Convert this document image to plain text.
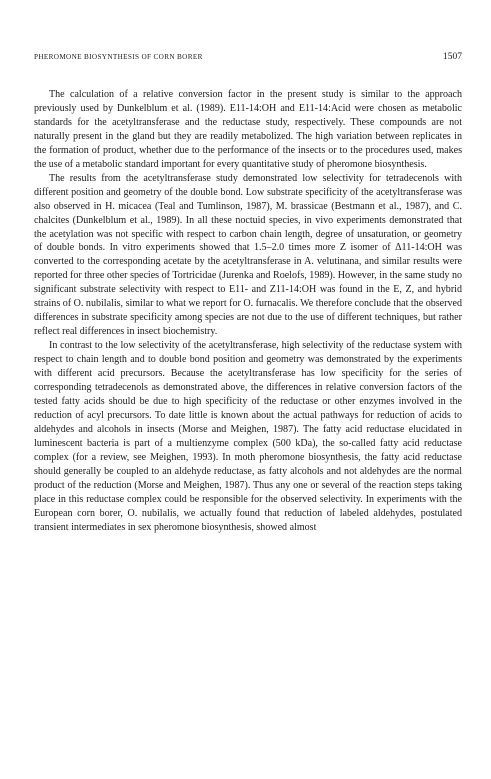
PHEROMONE BIOSYNTHESIS OF CORN BORER	1507

The calculation of a relative conversion factor in the present study is similar to the approach previously used by Dunkelblum et al. (1989). E11-14:OH and E11-14:Acid were chosen as metabolic standards for the acetyltransferase and the reductase study, respectively. These compounds are not naturally present in the gland but they are readily metabolized. The high variation between replicates in the formation of product, whether due to the performance of the insects or to the procedures used, makes the use of a metabolic standard important for every quantitative study of pheromone biosynthesis.

The results from the acetyltransferase study demonstrated low selectivity for tetradecenols with different position and geometry of the double bond. Low substrate specificity of the acetyltransferase was also observed in H. micacea (Teal and Tumlinson, 1987), M. brassicae (Bestmann et al., 1987), and C. chalcites (Dunkelblum et al., 1989). In all these noctuid species, in vivo experiments demonstrated that the acetylation was not specific with respect to carbon chain length, degree of unsaturation, or geometry of double bonds. In vitro experiments showed that 1.5–2.0 times more Z isomer of Δ11-14:OH was converted to the corresponding acetate by the acetyltransferase in A. velutinana, and similar results were reported for three other species of Tortricidae (Jurenka and Roelofs, 1989). However, in the same study no significant substrate selectivity with respect to E11- and Z11-14:OH was found in the E, Z, and hybrid strains of O. nubilalis, similar to what we report for O. furnacalis. We therefore conclude that the observed differences in substrate specificity among species are not due to the use of different techniques, but rather reflect real differences in insect biochemistry.

In contrast to the low selectivity of the acetyltransferase, high selectivity of the reductase system with respect to chain length and to double bond position and geometry was demonstrated by the experiments with different acid precursors. Because the acetyltransferase has low specificity for the series of corresponding tetradecenols as demonstrated above, the differences in relative conversion factors of the tested fatty acids should be due to high specificity of the reductase or other enzymes involved in the reduction of acyl precursors. To date little is known about the actual pathways for reduction of acids to aldehydes and alcohols in insects (Morse and Meighen, 1987). The fatty acid reductase elucidated in luminescent bacteria is part of a multienzyme complex (500 kDa), the so-called fatty acid reductase complex (for a review, see Meighen, 1993). In moth pheromone biosynthesis, the fatty acid reductase should generally be coupled to an aldehyde reductase, as fatty alcohols and not aldehydes are the normal product of the reduction (Morse and Meighen, 1987). Thus any one or several of the reaction steps taking place in this reductase complex could be responsible for the observed selectivity. In experiments with the European corn borer, O. nubilalis, we actually found that reduction of labeled aldehydes, postulated transient intermediates in sex pheromone biosynthesis, showed almost
